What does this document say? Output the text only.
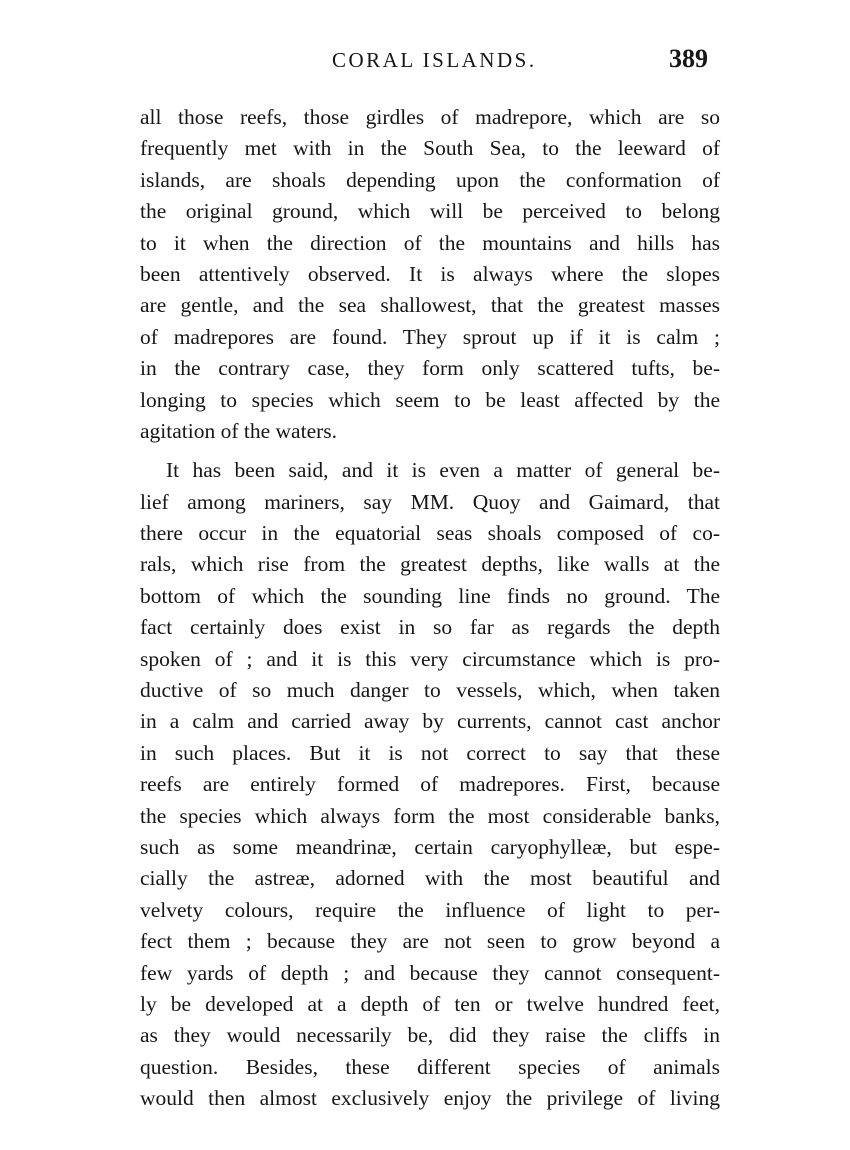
CORAL ISLANDS.	389
all those reefs, those girdles of madrepore, which are so
frequently met with in the South Sea, to the leeward of
islands, are shoals depending upon the conformation of
the original ground, which will be perceived to belong
to it when the direction of the mountains and hills has
been attentively observed. It is always where the slopes
are gentle, and the sea shallowest, that the greatest masses
of madrepores are found. They sprout up if it is calm ;
in the contrary case, they form only scattered tufts, be-
longing to species which seem to be least affected by the
agitation of the waters.
It has been said, and it is even a matter of general be-
lief among mariners, say MM. Quoy and Gaimard, that
there occur in the equatorial seas shoals composed of co-
rals, which rise from the greatest depths, like walls at the
bottom of which the sounding line finds no ground. The
fact certainly does exist in so far as regards the depth
spoken of ; and it is this very circumstance which is pro-
ductive of so much danger to vessels, which, when taken
in a calm and carried away by currents, cannot cast anchor
in such places. But it is not correct to say that these
reefs are entirely formed of madrepores. First, because
the species which always form the most considerable banks,
such as some meandrinæ, certain caryophylleæ, but espe-
cially the astreæ, adorned with the most beautiful and
velvety colours, require the influence of light to per-
fect them ; because they are not seen to grow beyond a
few yards of depth ; and because they cannot consequent-
ly be developed at a depth of ten or twelve hundred feet,
as they would necessarily be, did they raise the cliffs in
question. Besides, these different species of animals
would then almost exclusively enjoy the privilege of living
